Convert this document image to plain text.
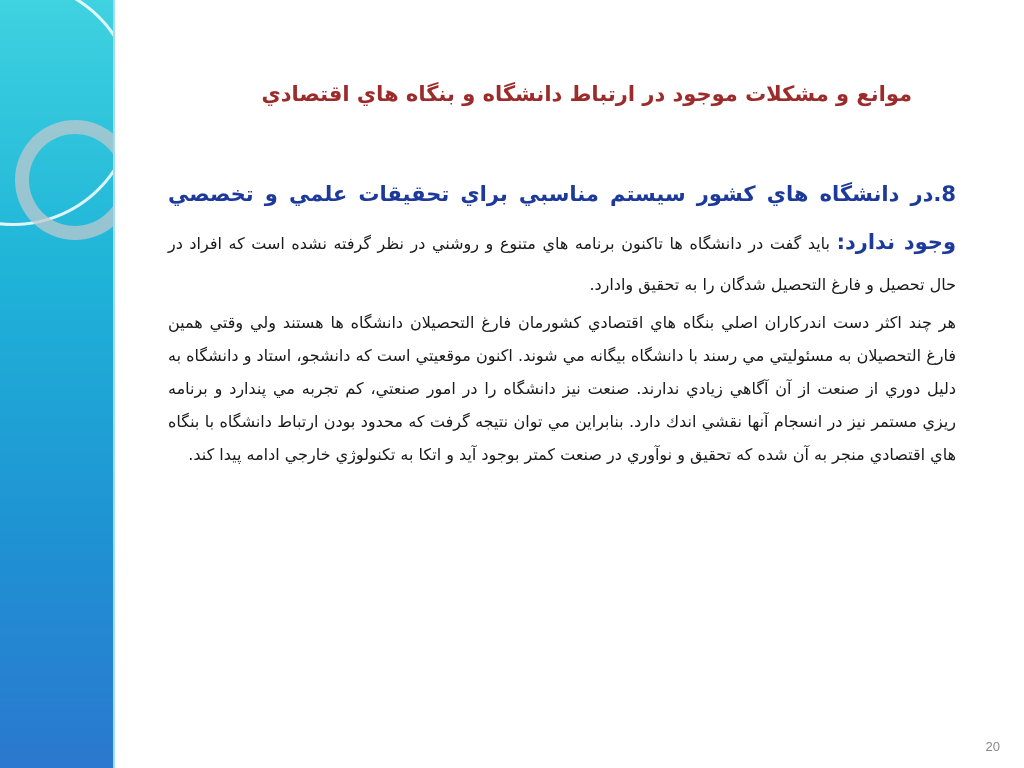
موانع و مشكلات موجود در ارتباط دانشگاه و بنگاه هاي اقتصادي

8.در دانشگاه هاي كشور سيستم مناسبي براي تحقيقات علمي و تخصصي وجود ندارد: بايد گفت در دانشگاه ها تاكنون برنامه هاي متنوع و روشني در نظر گرفته نشده است كه افراد در حال تحصيل و فارغ التحصيل شدگان را به تحقيق وادارد.

هر چند اكثر دست اندركاران اصلي بنگاه هاي اقتصادي كشورمان فارغ التحصيلان دانشگاه ها هستند ولي وقتي همين فارغ التحصيلان به مسئوليتي مي رسند با دانشگاه بيگانه مي شوند. اكنون موقعيتي است كه دانشجو، استاد و دانشگاه به دليل دوري از صنعت از آن آگاهي زيادي ندارند. صنعت نيز دانشگاه را در امور صنعتي، كم تجربه مي پندارد و برنامه ريزي مستمر نيز در انسجام آنها نقشي اندك دارد. بنابراين مي توان نتيجه گرفت كه محدود بودن ارتباط دانشگاه با بنگاه هاي اقتصادي منجر به آن شده كه تحقيق و نوآوري در صنعت كمتر بوجود آيد و اتكا به تكنولوژي خارجي ادامه پيدا كند.

20
